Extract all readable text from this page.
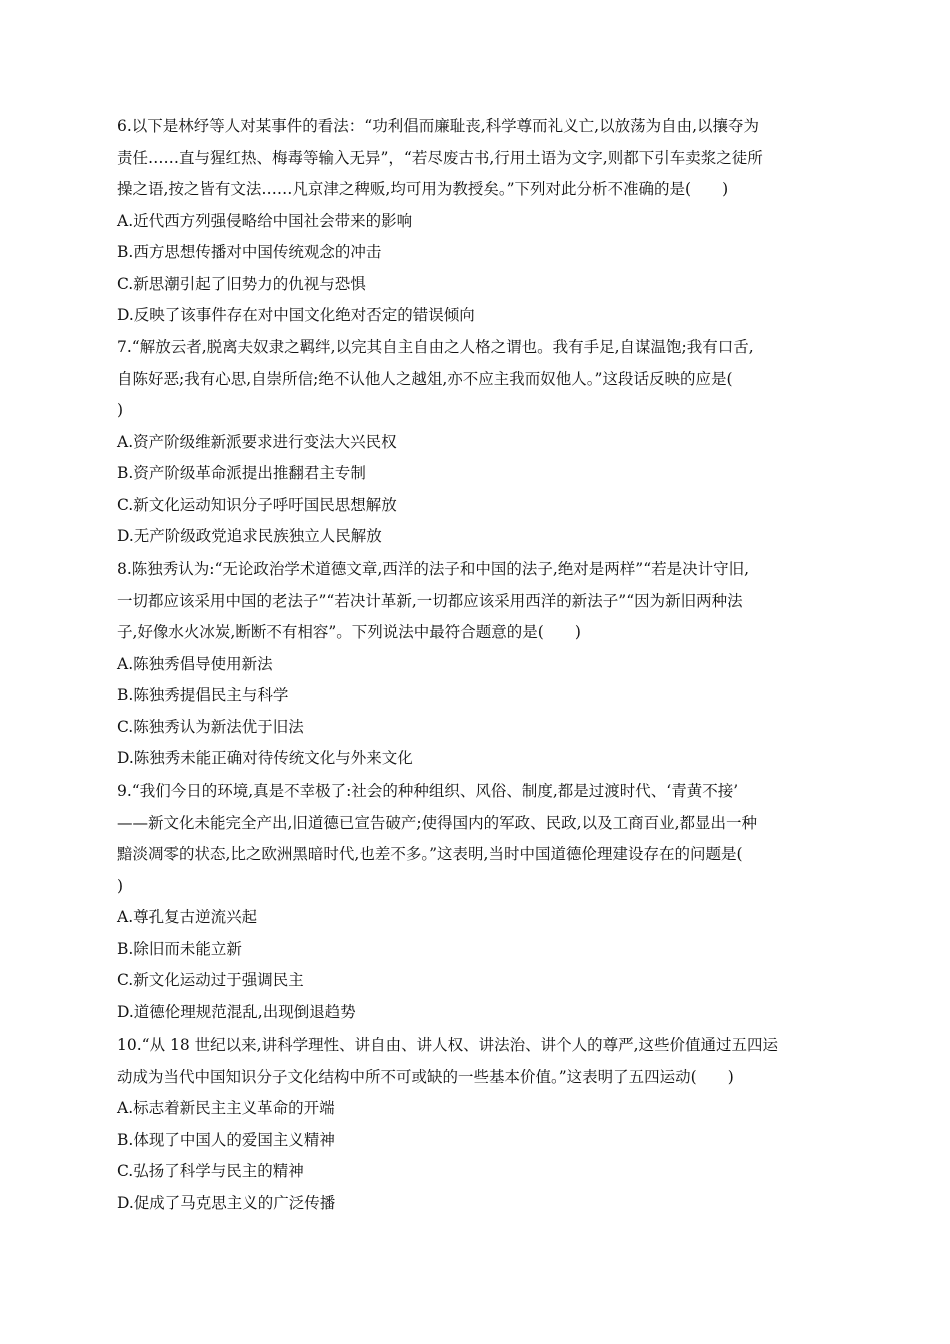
6.以下是林纾等人对某事件的看法：“功利倡而廉耻丧,科学尊而礼义亡,以放荡为自由,以攘夺为
责任……直与猩红热、梅毒等输入无异”，“若尽废古书,行用土语为文字,则都下引车卖浆之徒所
操之语,按之皆有文法……凡京津之稗贩,均可用为教授矣。”下列对此分析不准确的是(　　)
A.近代西方列强侵略给中国社会带来的影响
B.西方思想传播对中国传统观念的冲击
C.新思潮引起了旧势力的仇视与恐惧
D.反映了该事件存在对中国文化绝对否定的错误倾向
7.“解放云者,脱离夫奴隶之羁绊,以完其自主自由之人格之谓也。我有手足,自谋温饱;我有口舌,
自陈好恶;我有心思,自崇所信;绝不认他人之越俎,亦不应主我而奴他人。”这段话反映的应是(
)
A.资产阶级维新派要求进行变法大兴民权
B.资产阶级革命派提出推翻君主专制
C.新文化运动知识分子呼吁国民思想解放
D.无产阶级政党追求民族独立人民解放
8.陈独秀认为:“无论政治学术道德文章,西洋的法子和中国的法子,绝对是两样”“若是决计守旧,
一切都应该采用中国的老法子”“若决计革新,一切都应该采用西洋的新法子”“因为新旧两种法
子,好像水火冰炭,断断不有相容”。下列说法中最符合题意的是(　　)
A.陈独秀倡导使用新法
B.陈独秀提倡民主与科学
C.陈独秀认为新法优于旧法
D.陈独秀未能正确对待传统文化与外来文化
9.“我们今日的环境,真是不幸极了:社会的种种组织、风俗、制度,都是过渡时代、‘青黄不接’
——新文化未能完全产出,旧道德已宣告破产;使得国内的军政、民政,以及工商百业,都显出一种
黯淡凋零的状态,比之欧洲黑暗时代,也差不多。”这表明,当时中国道德伦理建设存在的问题是(
)
A.尊孔复古逆流兴起
B.除旧而未能立新
C.新文化运动过于强调民主
D.道德伦理规范混乱,出现倒退趋势
10.“从 18 世纪以来,讲科学理性、讲自由、讲人权、讲法治、讲个人的尊严,这些价值通过五四运
动成为当代中国知识分子文化结构中所不可或缺的一些基本价值。”这表明了五四运动(　　)
A.标志着新民主主义革命的开端
B.体现了中国人的爱国主义精神
C.弘扬了科学与民主的精神
D.促成了马克思主义的广泛传播
